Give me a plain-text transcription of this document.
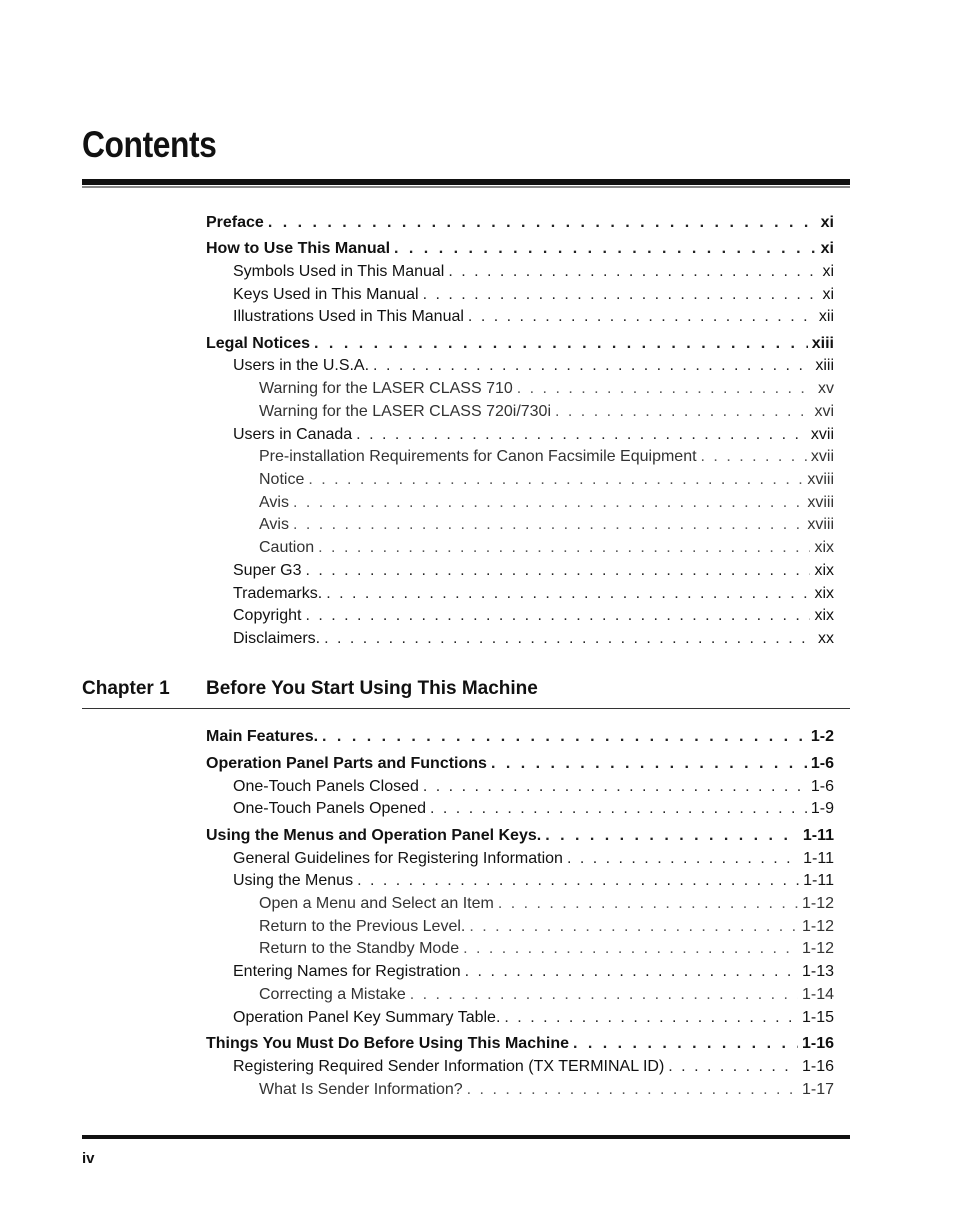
Contents
Preface . . .	xi
How to Use This Manual . . .	xi
Symbols Used in This Manual . . .	xi
Keys Used in This Manual . . .	xi
Illustrations Used in This Manual . . .	xii
Legal Notices . . .	xiii
Users in the U.S.A. . . .	xiii
Warning for the LASER CLASS 710 . . .	xv
Warning for the LASER CLASS 720i/730i . . .	xvi
Users in Canada . . .	xvii
Pre-installation Requirements for Canon Facsimile Equipment . . .	xvii
Notice . . .	xviii
Avis . . .	xviii
Avis . . .	xviii
Caution . . .	xix
Super G3 . . .	xix
Trademarks. . . .	xix
Copyright . . .	xix
Disclaimers. . . .	xx
Chapter 1 Before You Start Using This Machine
Main Features. . . .	1-2
Operation Panel Parts and Functions . . .	1-6
One-Touch Panels Closed . . .	1-6
One-Touch Panels Opened . . .	1-9
Using the Menus and Operation Panel Keys. . . .	1-11
General Guidelines for Registering Information . . .	1-11
Using the Menus . . .	1-11
Open a Menu and Select an Item . . .	1-12
Return to the Previous Level. . . .	1-12
Return to the Standby Mode . . .	1-12
Entering Names for Registration . . .	1-13
Correcting a Mistake . . .	1-14
Operation Panel Key Summary Table. . . .	1-15
Things You Must Do Before Using This Machine . . .	1-16
Registering Required Sender Information (TX TERMINAL ID) . . .	1-16
What Is Sender Information? . . .	1-17
iv
